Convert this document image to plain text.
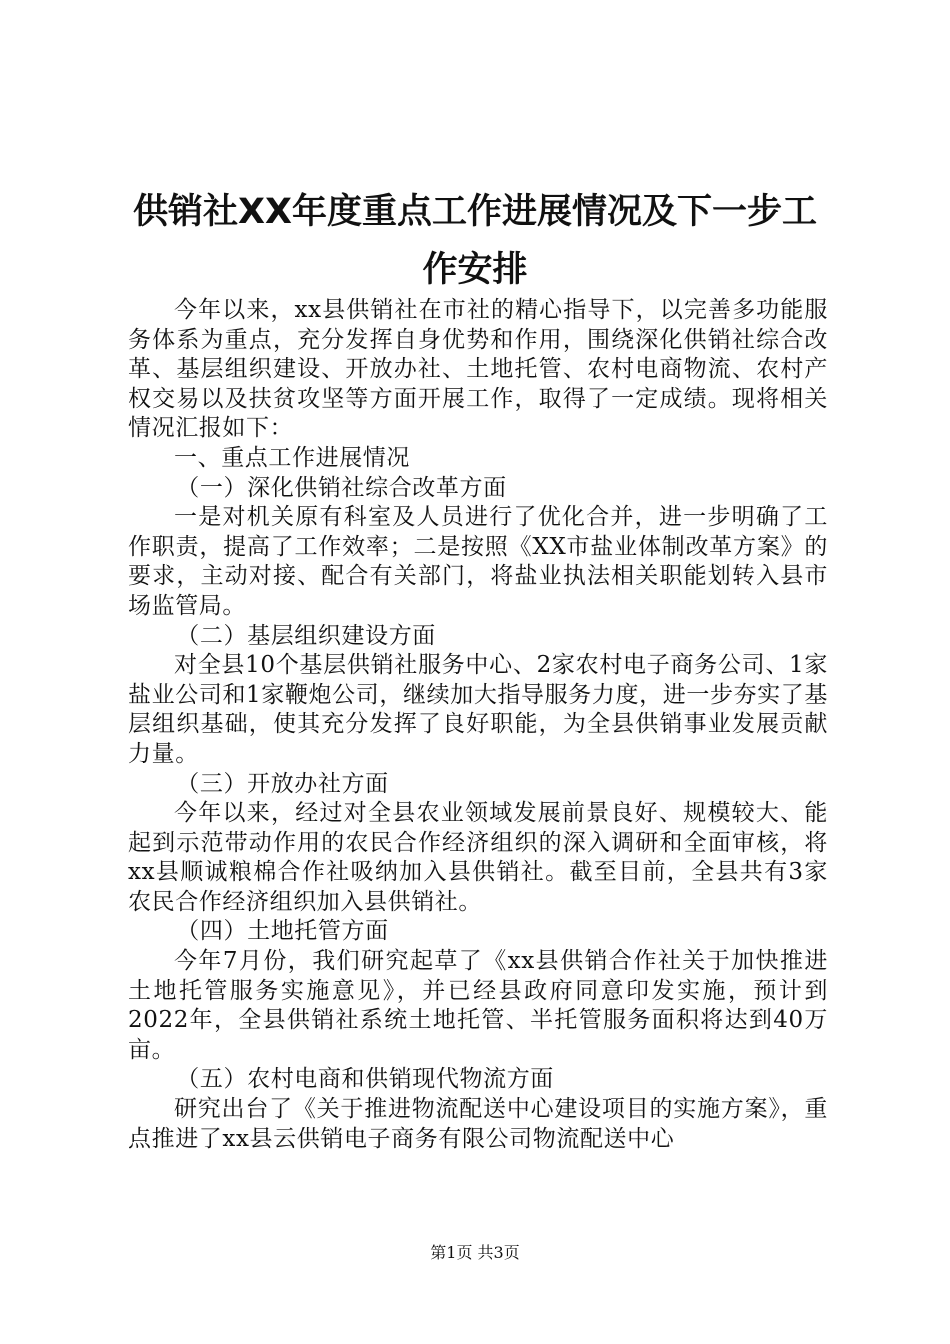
供销社XX年度重点工作进展情况及下一步工
作安排

今年以来，xx县供销社在市社的精心指导下，以完善多功能服务体系为重点，充分发挥自身优势和作用，围绕深化供销社综合改革、基层组织建设、开放办社、土地托管、农村电商物流、农村产权交易以及扶贫攻坚等方面开展工作，取得了一定成绩。现将相关情况汇报如下：

一、重点工作进展情况

（一）深化供销社综合改革方面

一是对机关原有科室及人员进行了优化合并，进一步明确了工作职责，提高了工作效率；二是按照《XX市盐业体制改革方案》的要求，主动对接、配合有关部门，将盐业执法相关职能划转入县市场监管局。

（二）基层组织建设方面

对全县10个基层供销社服务中心、2家农村电子商务公司、1家盐业公司和1家鞭炮公司，继续加大指导服务力度，进一步夯实了基层组织基础，使其充分发挥了良好职能，为全县供销事业发展贡献力量。

（三）开放办社方面

今年以来，经过对全县农业领域发展前景良好、规模较大、能起到示范带动作用的农民合作经济组织的深入调研和全面审核，将xx县顺诚粮棉合作社吸纳加入县供销社。截至目前，全县共有3家农民合作经济组织加入县供销社。

（四）土地托管方面

今年7月份，我们研究起草了《xx县供销合作社关于加快推进土地托管服务实施意见》，并已经县政府同意印发实施，预计到2022年，全县供销社系统土地托管、半托管服务面积将达到40万亩。

（五）农村电商和供销现代物流方面

研究出台了《关于推进物流配送中心建设项目的实施方案》，重点推进了xx县云供销电子商务有限公司物流配送中心

第1页 共3页
